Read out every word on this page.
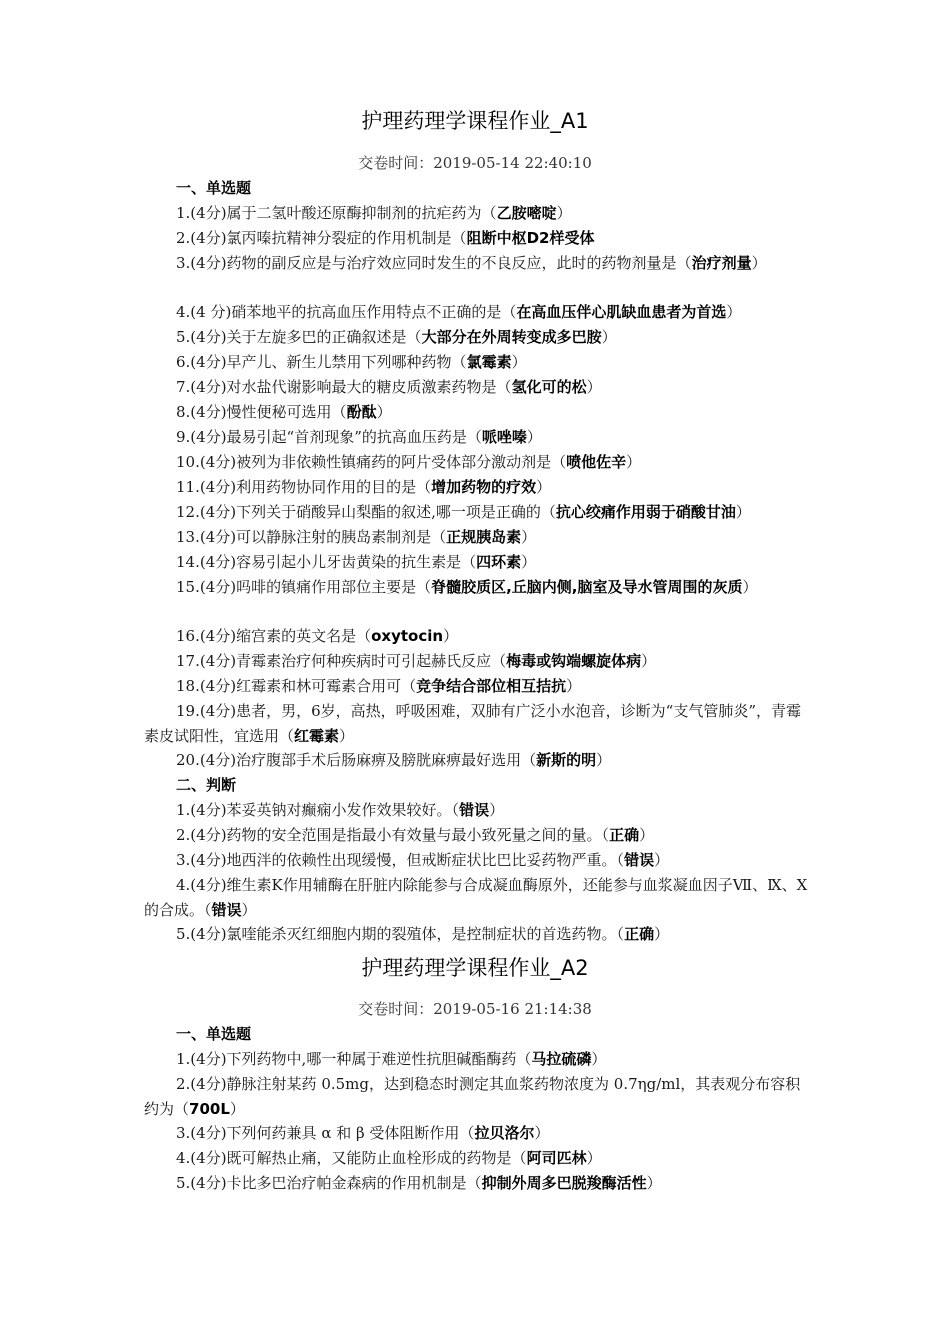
护理药理学课程作业_A1
交卷时间：2019-05-14 22:40:10
一、单选题
1.(4分)属于二氢叶酸还原酶抑制剂的抗疟药为（乙胺嘧啶）
2.(4分)氯丙嗪抗精神分裂症的作用机制是（阻断中枢D2样受体
3.(4分)药物的副反应是与治疗效应同时发生的不良反应，此时的药物剂量是（治疗剂量）
4.(4 分)硝苯地平的抗高血压作用特点不正确的是（在高血压伴心肌缺血患者为首选）
5.(4分)关于左旋多巴的正确叙述是（大部分在外周转变成多巴胺）
6.(4分)早产儿、新生儿禁用下列哪种药物（氯霉素）
7.(4分)对水盐代谢影响最大的糖皮质激素药物是（氢化可的松）
8.(4分)慢性便秘可选用（酚酞）
9.(4分)最易引起“首剂现象”的抗高血压药是（哌唑嗪）
10.(4分)被列为非依赖性镇痛药的阿片受体部分激动剂是（喷他佐辛）
11.(4分)利用药物协同作用的目的是（增加药物的疗效）
12.(4分)下列关于硝酸异山梨酯的叙述,哪一项是正确的（抗心绞痛作用弱于硝酸甘油）
13.(4分)可以静脉注射的胰岛素制剂是（正规胰岛素）
14.(4分)容易引起小儿牙齿黄染的抗生素是（四环素）
15.(4分)吗啡的镇痛作用部位主要是（脊髓胶质区,丘脑内侧,脑室及导水管周围的灰质）
16.(4分)缩宫素的英文名是（oxytocin）
17.(4分)青霉素治疗何种疾病时可引起赫氏反应（梅毒或钩端螺旋体病）
18.(4分)红霉素和林可霉素合用可（竞争结合部位相互拮抗）
19.(4分)患者，男，6岁，高热，呼吸困难，双肺有广泛小水泡音，诊断为“支气管肺炎”，青霉素皮试阳性，宜选用（红霉素）
20.(4分)治疗腹部手术后肠麻痹及膀胱麻痹最好选用（新斯的明）
二、判断
1.(4分)苯妥英钠对癫痫小发作效果较好。（错误）
2.(4分)药物的安全范围是指最小有效量与最小致死量之间的量。（正确）
3.(4分)地西泮的依赖性出现缓慢，但戒断症状比巴比妥药物严重。（错误）
4.(4分)维生素K作用辅酶在肝脏内除能参与合成凝血酶原外，还能参与血浆凝血因子Ⅶ、Ⅸ、Ⅹ的合成。（错误）
5.(4分)氯喹能杀灭红细胞内期的裂殖体，是控制症状的首选药物。（正确）
护理药理学课程作业_A2
交卷时间：2019-05-16 21:14:38
一、单选题
1.(4分)下列药物中,哪一种属于难逆性抗胆碱酯酶药（马拉硫磷）
2.(4分)静脉注射某药 0.5mg，达到稳态时测定其血浆药物浓度为 0.7ηg/ml，其表观分布容积约为（700L）
3.(4分)下列何药兼具 α 和 β 受体阻断作用（拉贝洛尔）
4.(4分)既可解热止痛，又能防止血栓形成的药物是（阿司匹林）
5.(4分)卡比多巴治疗帕金森病的作用机制是（抑制外周多巴脱羧酶活性）
